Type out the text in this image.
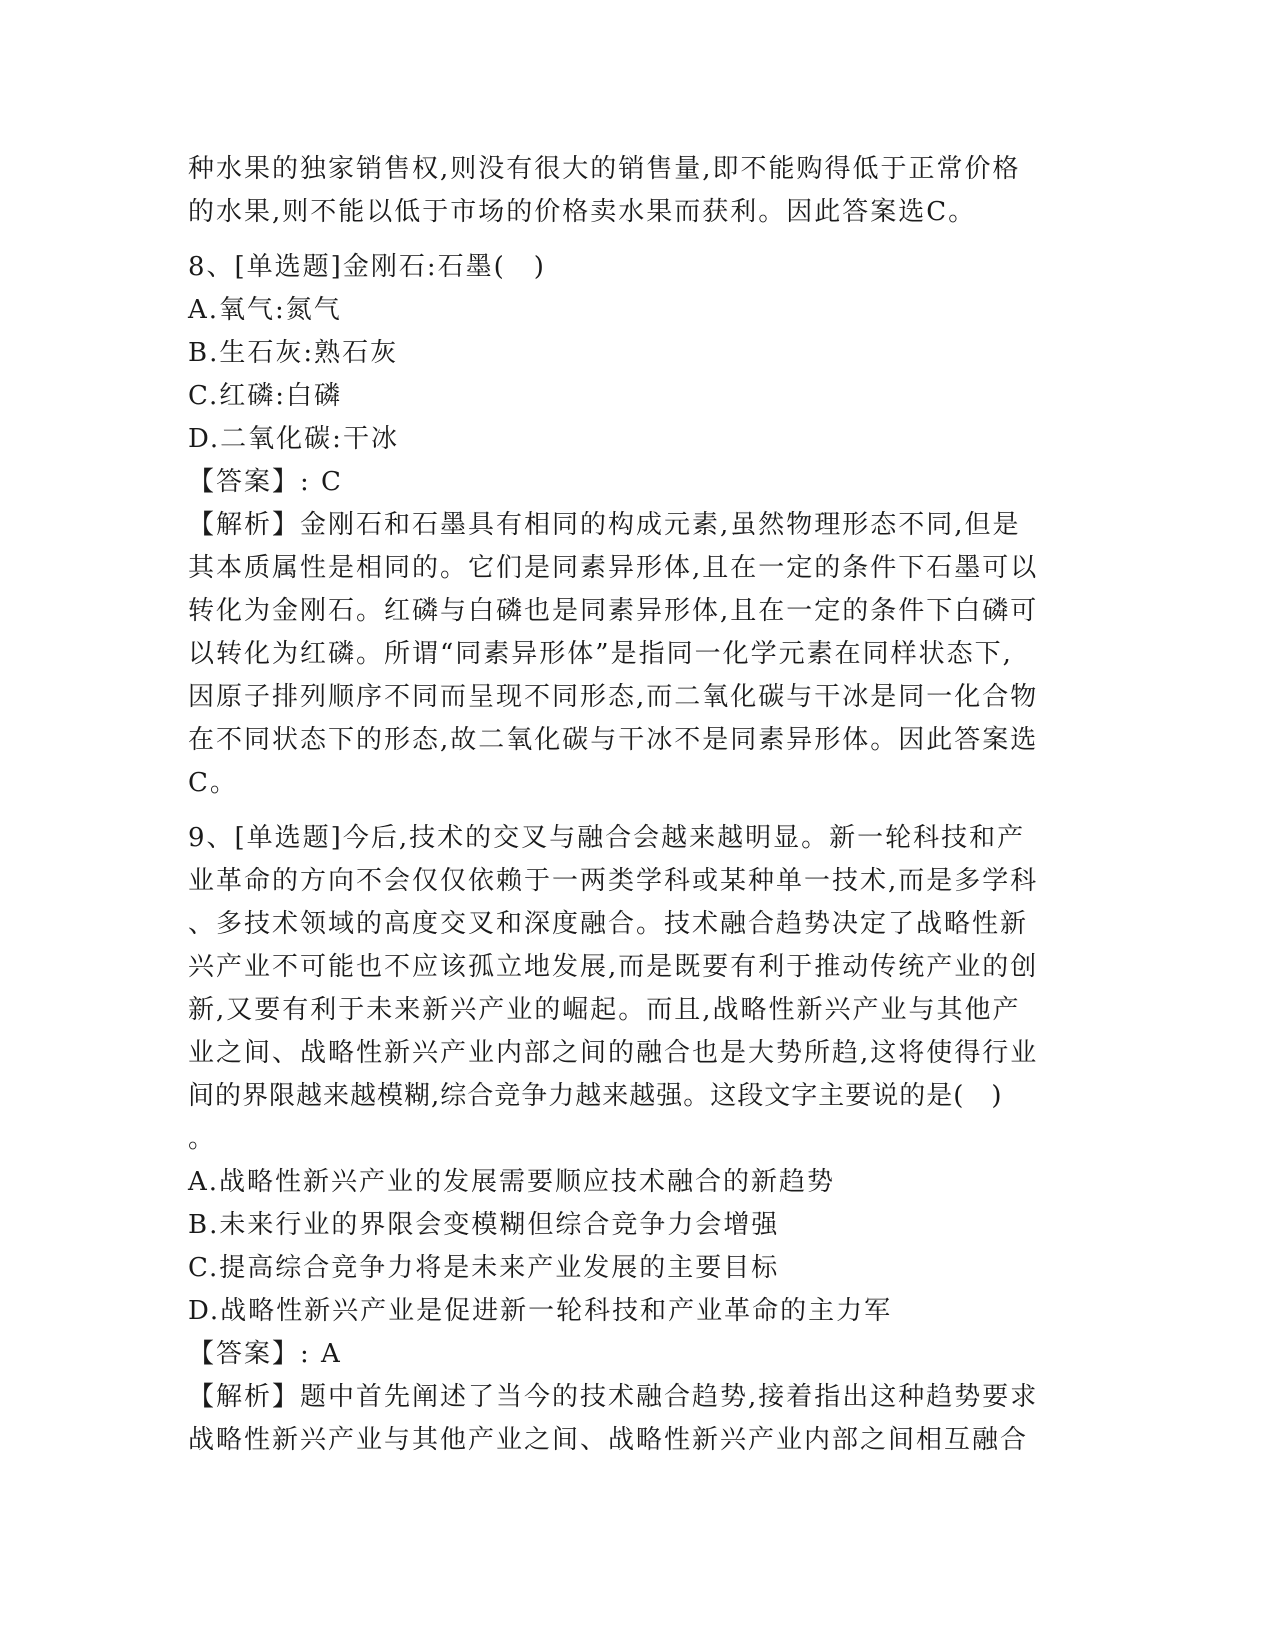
种水果的独家销售权,则没有很大的销售量,即不能购得低于正常价格
的水果,则不能以低于市场的价格卖水果而获利。因此答案选C。
8、[单选题]金刚石:石墨(　)
A.氧气:氮气
B.生石灰:熟石灰
C.红磷:白磷
D.二氧化碳:干冰
【答案】: C
【解析】金刚石和石墨具有相同的构成元素,虽然物理形态不同,但是
其本质属性是相同的。它们是同素异形体,且在一定的条件下石墨可以
转化为金刚石。红磷与白磷也是同素异形体,且在一定的条件下白磷可
以转化为红磷。所谓“同素异形体”是指同一化学元素在同样状态下,
因原子排列顺序不同而呈现不同形态,而二氧化碳与干冰是同一化合物
在不同状态下的形态,故二氧化碳与干冰不是同素异形体。因此答案选
C。
9、[单选题]今后,技术的交叉与融合会越来越明显。新一轮科技和产
业革命的方向不会仅仅依赖于一两类学科或某种单一技术,而是多学科
、多技术领域的高度交叉和深度融合。技术融合趋势决定了战略性新
兴产业不可能也不应该孤立地发展,而是既要有利于推动传统产业的创
新,又要有利于未来新兴产业的崛起。而且,战略性新兴产业与其他产
业之间、战略性新兴产业内部之间的融合也是大势所趋,这将使得行业
间的界限越来越模糊,综合竞争力越来越强。这段文字主要说的是(　)
。
A.战略性新兴产业的发展需要顺应技术融合的新趋势
B.未来行业的界限会变模糊但综合竞争力会增强
C.提高综合竞争力将是未来产业发展的主要目标
D.战略性新兴产业是促进新一轮科技和产业革命的主力军
【答案】: A
【解析】题中首先阐述了当今的技术融合趋势,接着指出这种趋势要求
战略性新兴产业与其他产业之间、战略性新兴产业内部之间相互融合
